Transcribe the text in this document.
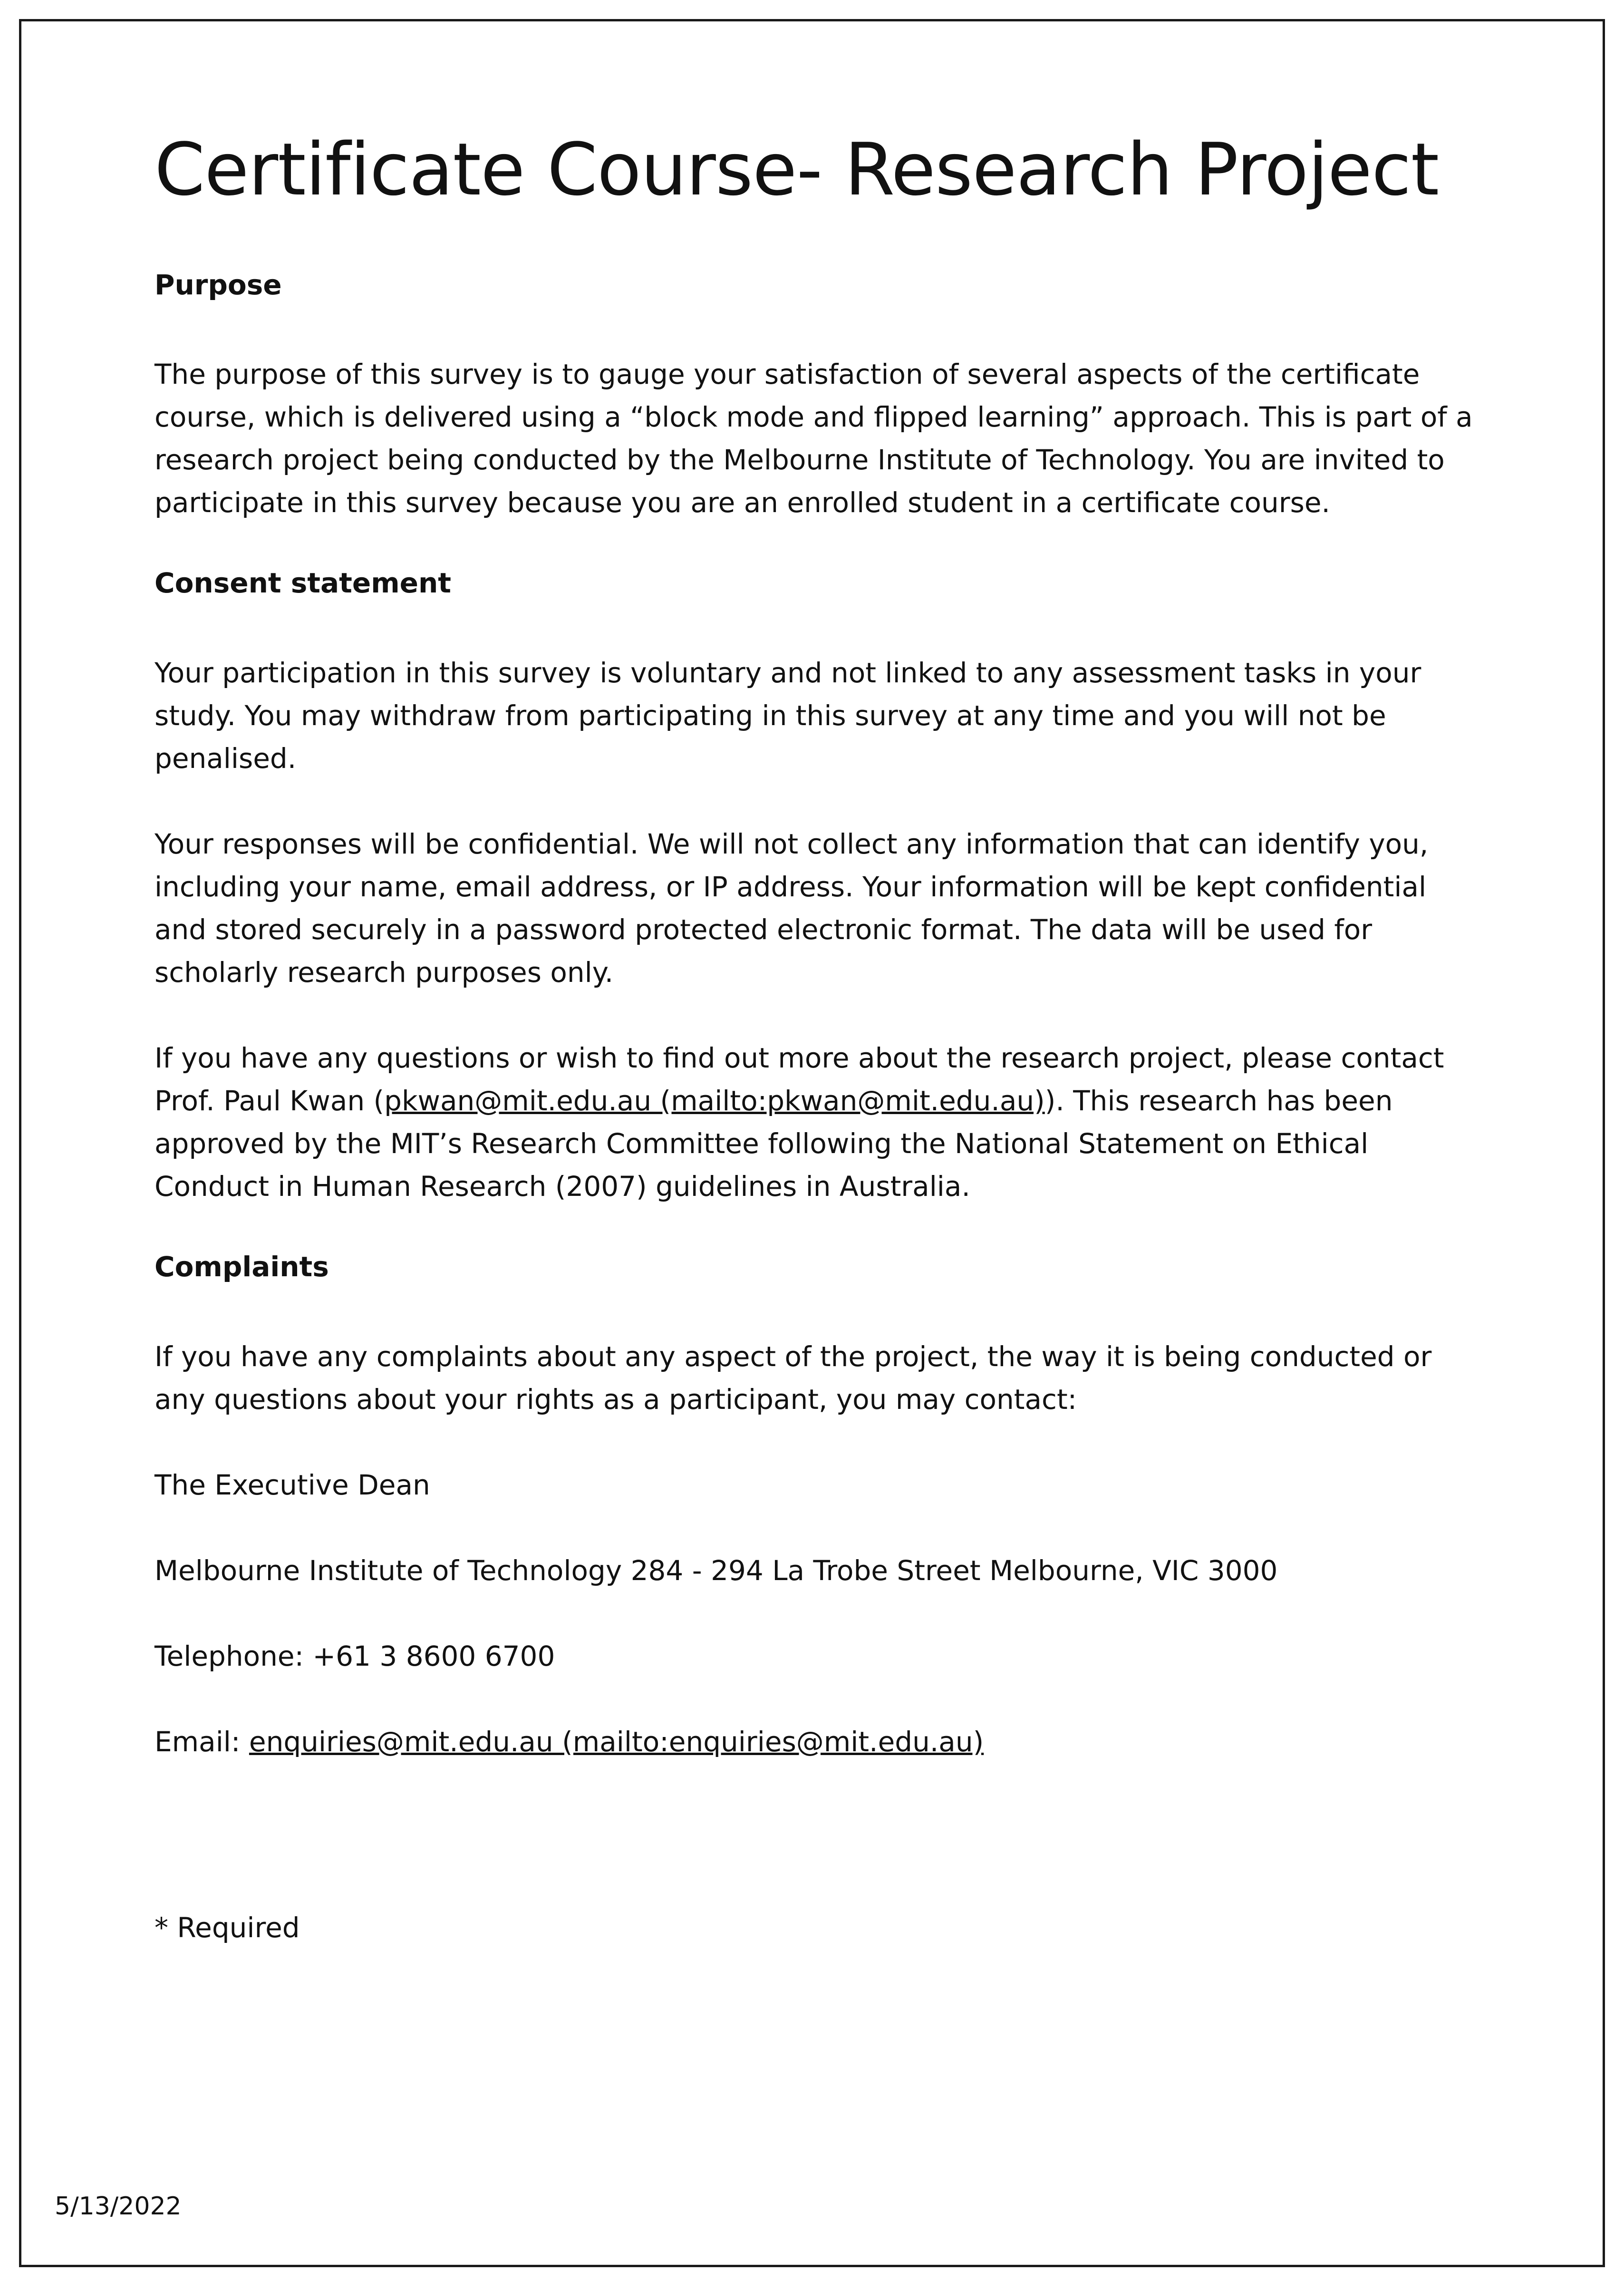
Certificate Course- Research Project
Purpose

The purpose of this survey is to gauge your satisfaction of several aspects of the certificate course, which is delivered using a “block mode and flipped learning” approach. This is part of a research project being conducted by the Melbourne Institute of Technology. You are invited to participate in this survey because you are an enrolled student in a certificate course.

Consent statement

Your participation in this survey is voluntary and not linked to any assessment tasks in your study. You may withdraw from participating in this survey at any time and you will not be penalised.

Your responses will be confidential. We will not collect any information that can identify you, including your name, email address, or IP address. Your information will be kept confidential and stored securely in a password protected electronic format. The data will be used for scholarly research purposes only.

If you have any questions or wish to find out more about the research project, please contact Prof. Paul Kwan (pkwan@mit.edu.au (mailto:pkwan@mit.edu.au)). This research has been approved by the MIT’s Research Committee following the National Statement on Ethical Conduct in Human Research (2007) guidelines in Australia.

Complaints

If you have any complaints about any aspect of the project, the way it is being conducted or any questions about your rights as a participant, you may contact:

The Executive Dean

Melbourne Institute of Technology 284 - 294 La Trobe Street Melbourne, VIC 3000

Telephone: +61 3 8600 6700

Email: enquiries@mit.edu.au (mailto:enquiries@mit.edu.au)

* Required
5/13/2022
